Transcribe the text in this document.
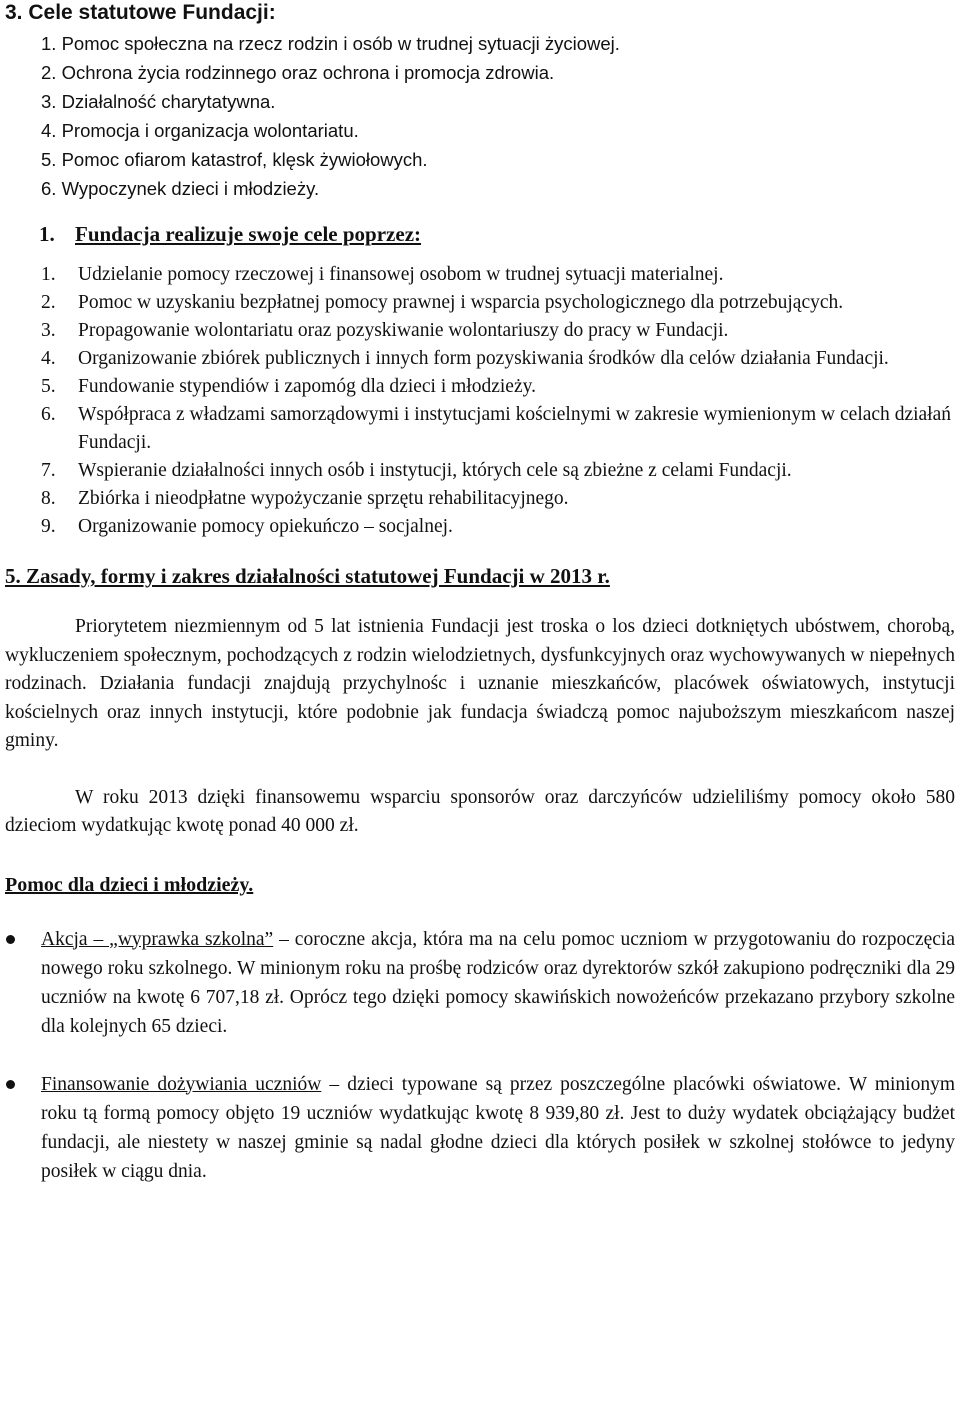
3. Cele statutowe Fundacji:
1. Pomoc społeczna na rzecz rodzin i osób w trudnej sytuacji życiowej.
2. Ochrona życia rodzinnego oraz ochrona i promocja zdrowia.
3. Działalność charytatywna.
4. Promocja i organizacja wolontariatu.
5. Pomoc ofiarom katastrof, klęsk żywiołowych.
6. Wypoczynek dzieci i młodzieży.
1. Fundacja realizuje swoje cele poprzez:
1. Udzielanie pomocy rzeczowej i finansowej osobom w trudnej sytuacji materialnej.
2. Pomoc w uzyskaniu bezpłatnej pomocy prawnej i wsparcia psychologicznego dla potrzebujących.
3. Propagowanie wolontariatu oraz pozyskiwanie wolontariuszy do pracy w Fundacji.
4. Organizowanie zbiórek publicznych i innych form pozyskiwania środków dla celów działania Fundacji.
5. Fundowanie stypendiów i zapomóg dla dzieci i młodzieży.
6. Współpraca z władzami samorządowymi i instytucjami kościelnymi w zakresie wymienionym w celach działań Fundacji.
7. Wspieranie działalności innych osób i instytucji, których cele są zbieżne z celami Fundacji.
8. Zbiórka i nieodpłatne wypożyczanie sprzętu rehabilitacyjnego.
9. Organizowanie pomocy opiekuńczo – socjalnej.
5. Zasady, formy i zakres działalności statutowej Fundacji w 2013 r.

Priorytetem niezmiennym od 5 lat istnienia Fundacji jest troska o los dzieci dotkniętych ubóstwem, chorobą, wykluczeniem społecznym, pochodzących z rodzin wielodzietnych, dysfunkcyjnych oraz wychowywanych w niepełnych rodzinach. Działania fundacji znajdują przychylnośc i uznanie mieszkańców, placówek oświatowych, instytucji kościelnych oraz innych instytucji, które podobnie jak fundacja świadczą pomoc najuboższym mieszkańcom naszej gminy.

W roku 2013 dzięki finansowemu wsparciu sponsorów oraz darczyńców udzieliliśmy pomocy około 580 dzieciom wydatkując kwotę ponad 40 000 zł.

Pomoc dla dzieci i młodzieży.
Akcja – „wyprawka szkolna” – coroczne akcja, która ma na celu pomoc uczniom w przygotowaniu do rozpoczęcia nowego roku szkolnego. W minionym roku na prośbę rodziców oraz dyrektorów szkół zakupiono podręczniki dla 29 uczniów na kwotę 6 707,18 zł. Oprócz tego dzięki pomocy skawińskich nowożeńców przekazano przybory szkolne dla kolejnych 65 dzieci.
Finansowanie dożywiania uczniów – dzieci typowane są przez poszczególne placówki oświatowe. W minionym roku tą formą pomocy objęto 19 uczniów wydatkując kwotę 8 939,80 zł. Jest to duży wydatek obciążający budżet fundacji, ale niestety w naszej gminie są nadal głodne dzieci dla których posiłek w szkolnej stołówce to jedyny posiłek w ciągu dnia.
